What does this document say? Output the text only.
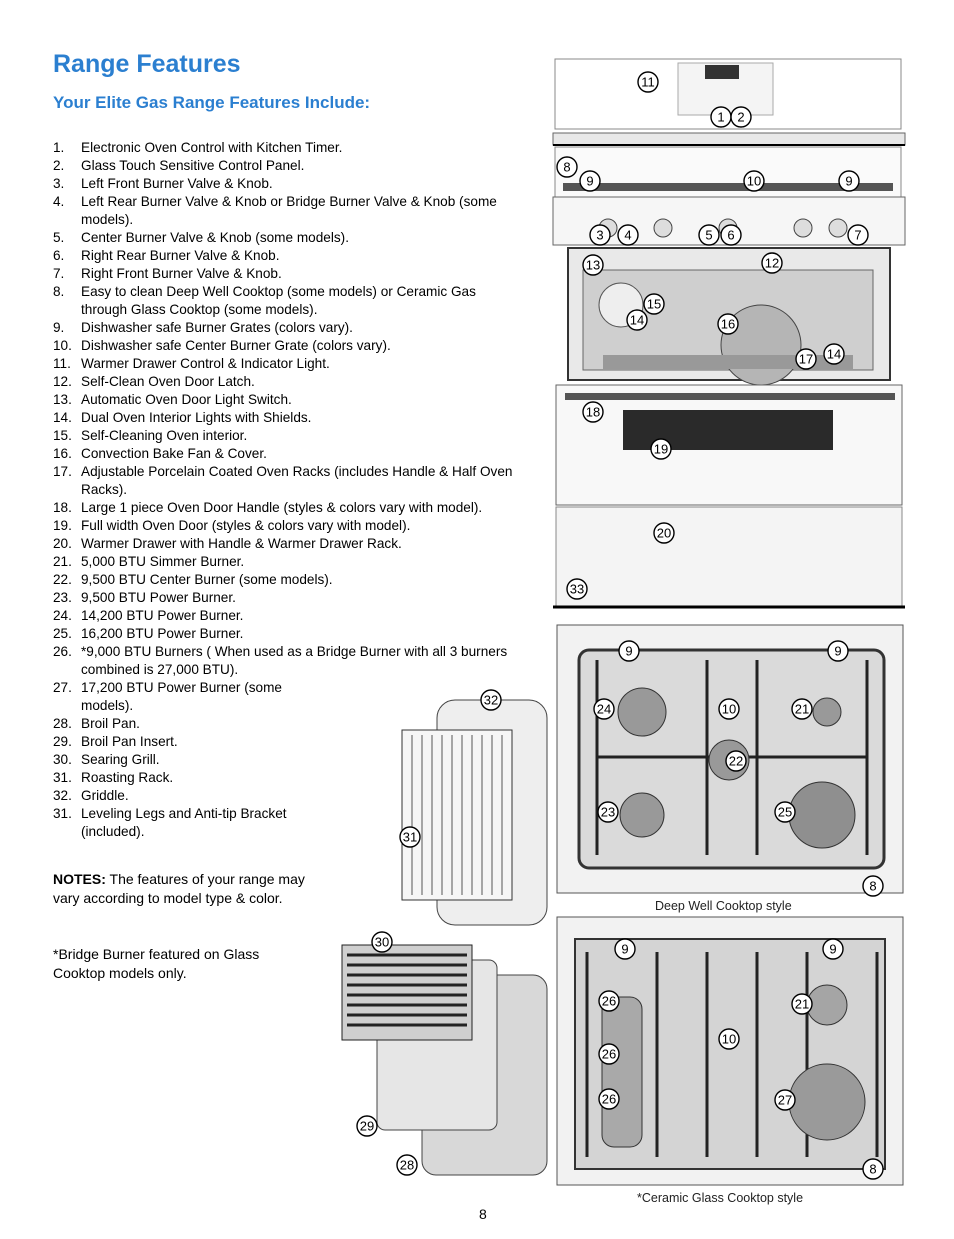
Range Features
Your Elite Gas Range Features Include:
1.	Electronic Oven Control with Kitchen Timer.
2.	Glass Touch Sensitive Control Panel.
3.	Left Front Burner Valve & Knob.
4.	Left Rear Burner Valve & Knob or Bridge Burner Valve & Knob (some models).
5.	Center Burner Valve & Knob (some models).
6.	Right Rear Burner Valve & Knob.
7.	Right Front Burner Valve & Knob.
8.	Easy to clean Deep Well Cooktop (some models) or Ceramic Gas through Glass Cooktop (some models).
9.	Dishwasher safe Burner Grates (colors vary).
10. Dishwasher safe Center Burner Grate (colors vary).
11. Warmer Drawer Control & Indicator Light.
12. Self-Clean Oven Door Latch.
13. Automatic Oven Door Light Switch.
14. Dual Oven Interior Lights with Shields.
15. Self-Cleaning Oven interior.
16. Convection Bake Fan & Cover.
17. Adjustable Porcelain Coated Oven Racks (includes Handle & Half Oven Racks).
18. Large 1 piece Oven Door Handle (styles & colors vary with model).
19. Full width Oven Door (styles & colors vary with model).
20. Warmer Drawer with Handle & Warmer Drawer Rack.
21. 5,000 BTU Simmer Burner.
22. 9,500 BTU Center Burner (some models).
23. 9,500 BTU Power Burner.
24. 14,200 BTU Power Burner.
25. 16,200 BTU Power Burner.
26. *9,000 BTU Burners ( When used as a Bridge Burner with all 3 burners combined is 27,000 BTU).
27. 17,200 BTU Power Burner (some models).
28. Broil Pan.
29. Broil Pan Insert.
30. Searing Grill.
31. Roasting Rack.
32. Griddle.
31. Leveling Legs and Anti-tip Bracket (included).
NOTES: The features of your range may vary according to model type & color.
*Bridge Burner featured on Glass Cooktop models only.
11
1 2
8
9	10	9
3 4	5 6	7
13	12
15
14	16
17 14
18
19
20
33
9	9
24	10	21
22
23	25
8
Deep Well Cooktop style
9	9
26	21
10
26
26	27
8
*Ceramic Glass Cooktop style
32
31
30
29
28
8
